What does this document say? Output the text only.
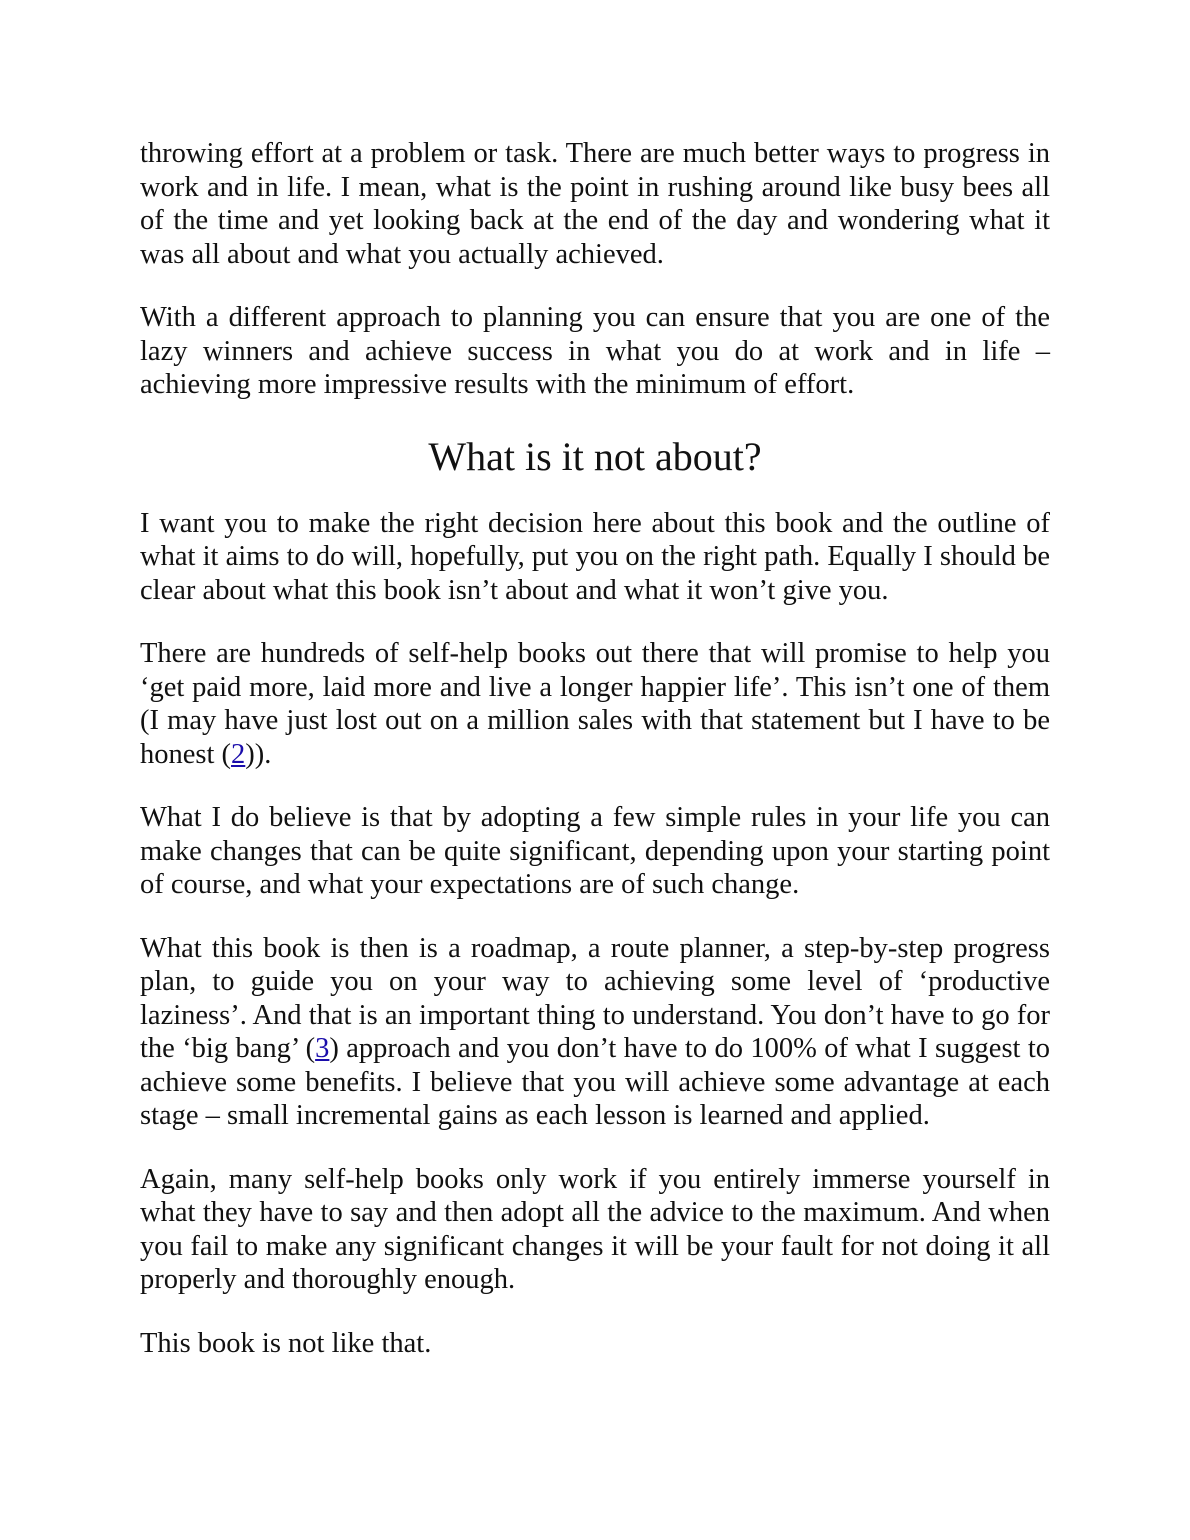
throwing effort at a problem or task. There are much better ways to progress in work and in life. I mean, what is the point in rushing around like busy bees all of the time and yet looking back at the end of the day and wondering what it was all about and what you actually achieved.

With a different approach to planning you can ensure that you are one of the lazy winners and achieve success in what you do at work and in life – achieving more impressive results with the minimum of effort.

What is it not about?

I want you to make the right decision here about this book and the outline of what it aims to do will, hopefully, put you on the right path. Equally I should be clear about what this book isn’t about and what it won’t give you.

There are hundreds of self-help books out there that will promise to help you ‘get paid more, laid more and live a longer happier life’. This isn’t one of them (I may have just lost out on a million sales with that statement but I have to be honest (2)).

What I do believe is that by adopting a few simple rules in your life you can make changes that can be quite significant, depending upon your starting point of course, and what your expectations are of such change.

What this book is then is a roadmap, a route planner, a step-by-step progress plan, to guide you on your way to achieving some level of ‘productive laziness’. And that is an important thing to understand. You don’t have to go for the ‘big bang’ (3) approach and you don’t have to do 100% of what I suggest to achieve some benefits. I believe that you will achieve some advantage at each stage – small incremental gains as each lesson is learned and applied.

Again, many self-help books only work if you entirely immerse yourself in what they have to say and then adopt all the advice to the maximum. And when you fail to make any significant changes it will be your fault for not doing it all properly and thoroughly enough.

This book is not like that.
